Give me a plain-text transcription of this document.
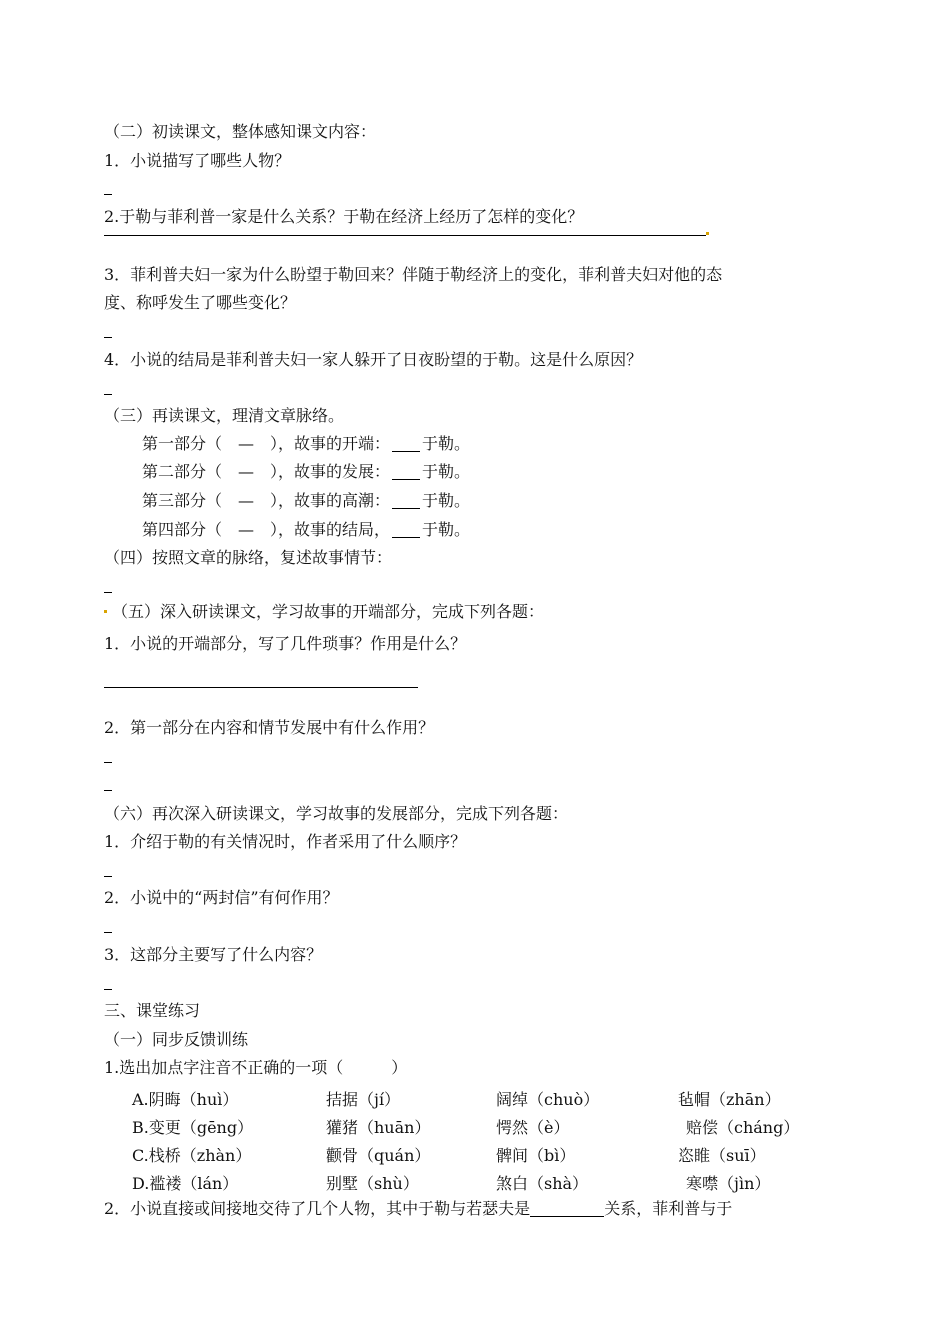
（二）初读课文，整体感知课文内容：
1．小说描写了哪些人物？
2.于勒与菲利普一家是什么关系？于勒在经济上经历了怎样的变化？
3．菲利普夫妇一家为什么盼望于勒回来？伴随于勒经济上的变化，菲利普夫妇对他的态
度、称呼发生了哪些变化？
4．小说的结局是菲利普夫妇一家人躲开了日夜盼望的于勒。这是什么原因？
（三）再读课文，理清文章脉络。
第一部分（　—　），故事的开端： 于勒。
第二部分（　—　），故事的发展： 于勒。
第三部分（　—　），故事的高潮： 于勒。
第四部分（　—　），故事的结局， 于勒。
（四）按照文章的脉络，复述故事情节：
（五）深入研读课文，学习故事的开端部分，完成下列各题：
1．小说的开端部分，写了几件琐事？作用是什么？
2．第一部分在内容和情节发展中有什么作用？
（六）再次深入研读课文，学习故事的发展部分，完成下列各题：
1．介绍于勒的有关情况时，作者采用了什么顺序？
2．小说中的“两封信”有何作用？
3．这部分主要写了什么内容？
三、课堂练习
（一）同步反馈训练
1.选出加点字注音不正确的一项（　　　）
A.阴晦（huì）	拮据（jí）	阔绰（chuò）	毡帽（zhān）
B.变更（gēng）	獾猪（huān）	愕然（è）	赔偿（cháng）
C.栈桥（zhàn）	颧骨（quán）	髀间（bì）	恣睢（suī）
D.褴褛（lán）	别墅（shù）	煞白（shà）	寒噤（jìn）
2．小说直接或间接地交待了几个人物，其中于勒与若瑟夫是	关系，菲利普与于
